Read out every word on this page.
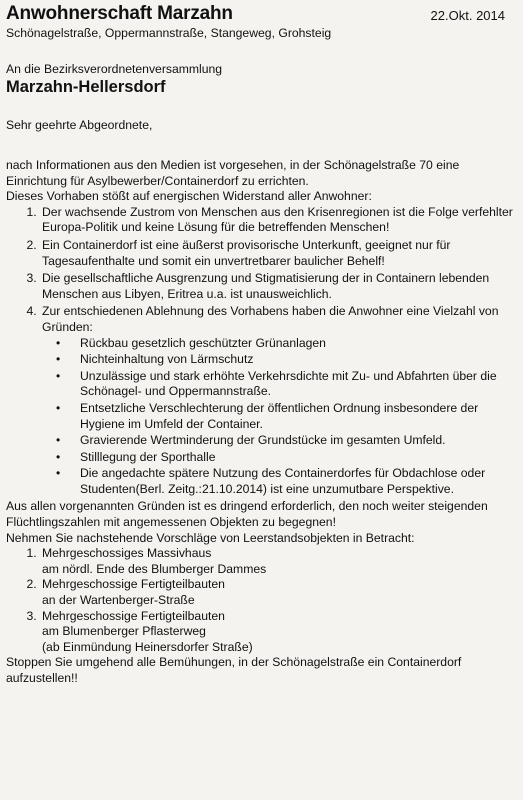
Anwohnerschaft Marzahn	22.Okt. 2014
Schönagelstraße, Oppermannstraße, Stangeweg, Grohsteig
An die Bezirksverordnetenversammlung
Marzahn-Hellersdorf
Sehr geehrte Abgeordnete,

nach Informationen aus den Medien ist vorgesehen, in der Schönagelstraße 70 eine Einrichtung für Asylbewerber/Containerdorf zu errichten.

Dieses Vorhaben stößt auf energischen Widerstand aller Anwohner:

1. Der wachsende Zustrom von Menschen aus den Krisenregionen ist die Folge verfehlter Europa-Politik und keine Lösung für die betreffenden Menschen!
2. Ein Containerdorf ist eine äußerst provisorische Unterkunft, geeignet nur für Tagesaufenthalte und somit ein unvertretbarer baulicher Behelf!
3. Die gesellschaftliche Ausgrenzung und Stigmatisierung der in Containern lebenden Menschen aus Libyen, Eritrea u.a. ist unausweichlich.
4. Zur entschiedenen Ablehnung des Vorhabens haben die Anwohner eine Vielzahl von Gründen:
• Rückbau gesetzlich geschützter Grünanlagen
• Nichteinhaltung von Lärmschutz
• Unzulässige und stark erhöhte Verkehrsdichte mit Zu- und Abfahrten über die Schönagel- und Oppermannstraße.
• Entsetzliche Verschlechterung der öffentlichen Ordnung insbesondere der Hygiene im Umfeld der Container.
• Gravierende Wertminderung der Grundstücke im gesamten Umfeld.
• Stilllegung der Sporthalle
• Die angedachte spätere Nutzung des Containerdorfes für Obdachlose oder Studenten(Berl. Zeitg.:21.10.2014) ist eine unzumutbare Perspektive.

Aus allen vorgenannten Gründen ist es dringend erforderlich, den noch weiter steigenden Flüchtlingszahlen mit angemessenen Objekten zu begegnen!

Nehmen Sie nachstehende Vorschläge von Leerstandsobjekten in Betracht:

1. Mehrgeschossiges Massivhaus
am nördl. Ende des Blumberger Dammes
2. Mehrgeschossige Fertigteilbauten
an der Wartenberger-Straße
3. Mehrgeschossige Fertigteilbauten
am Blumenberger Pflasterweg
(ab Einmündung Heinersdorfer Straße)

Stoppen Sie umgehend alle Bemühungen, in der Schönagelstraße ein Containerdorf aufzustellen!!
